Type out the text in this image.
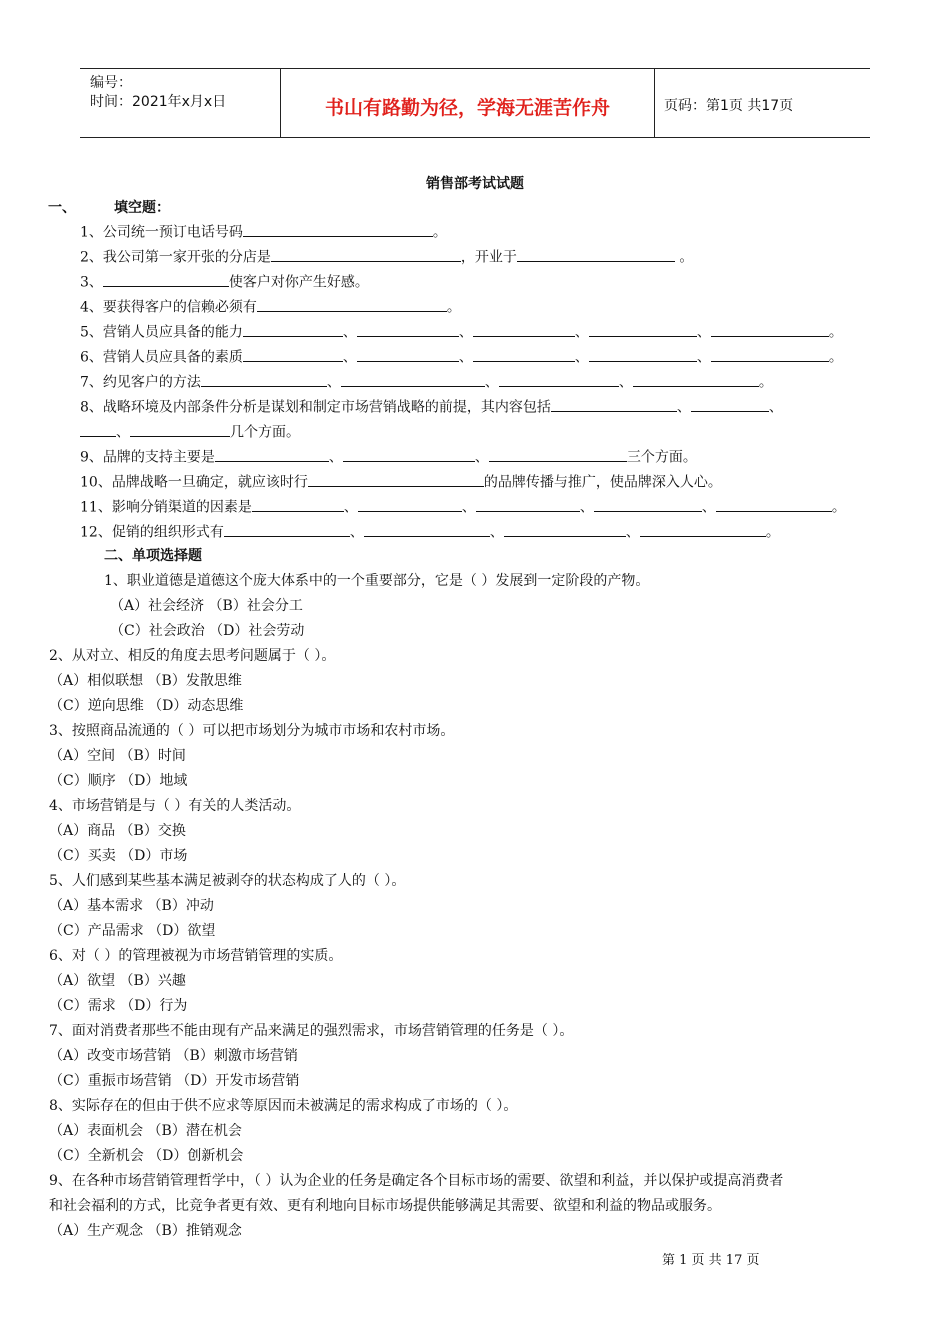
编号：
时间：2021年x月x日	书山有路勤为径，学海无涯苦作舟	页码：第1页 共17页
销售部考试试题
一、	填空题：
1、公司统一预订电话号码	。
2、我公司第一家开张的分店是	，开业于	。
3、	使客户对你产生好感。
4、要获得客户的信赖必须有	。
5、营销人员应具备的能力	、	、	、	、	。
6、营销人员应具备的素质	、	、	、	、	。
7、约见客户的方法	、	、	、	。
8、战略环境及内部条件分析是谋划和制定市场营销战略的前提，其内容包括	、	、
、	几个方面。
9、品牌的支持主要是	、	、	三个方面。
10、品牌战略一旦确定，就应该时行	的品牌传播与推广，使品牌深入人心。
11、影响分销渠道的因素是	、	、	、	、	。
12、促销的组织形式有	、	、	、	。
二、单项选择题
1、职业道德是道德这个庞大体系中的一个重要部分，它是（ ）发展到一定阶段的产物。
（A）社会经济 （B）社会分工
（C）社会政治 （D）社会劳动
2、从对立、相反的角度去思考问题属于（ ）。
（A）相似联想 （B）发散思维
（C）逆向思维 （D）动态思维
3、按照商品流通的（ ）可以把市场划分为城市市场和农村市场。
（A）空间 （B）时间
（C）顺序 （D）地域
4、市场营销是与（ ）有关的人类活动。
（A）商品 （B）交换
（C）买卖 （D）市场
5、人们感到某些基本满足被剥夺的状态构成了人的（ ）。
（A）基本需求 （B）冲动
（C）产品需求 （D）欲望
6、对（ ）的管理被视为市场营销管理的实质。
（A）欲望 （B）兴趣
（C）需求 （D）行为
7、面对消费者那些不能由现有产品来满足的强烈需求，市场营销管理的任务是（ ）。
（A）改变市场营销 （B）刺激市场营销
（C）重振市场营销 （D）开发市场营销
8、实际存在的但由于供不应求等原因而未被满足的需求构成了市场的（ ）。
（A）表面机会 （B）潜在机会
（C）全新机会 （D）创新机会
9、在各种市场营销管理哲学中，（ ）认为企业的任务是确定各个目标市场的需要、欲望和利益，并以保护或提高消费者
和社会福利的方式，比竞争者更有效、更有利地向目标市场提供能够满足其需要、欲望和利益的物品或服务。
（A）生产观念 （B）推销观念
第 1 页 共 17 页
